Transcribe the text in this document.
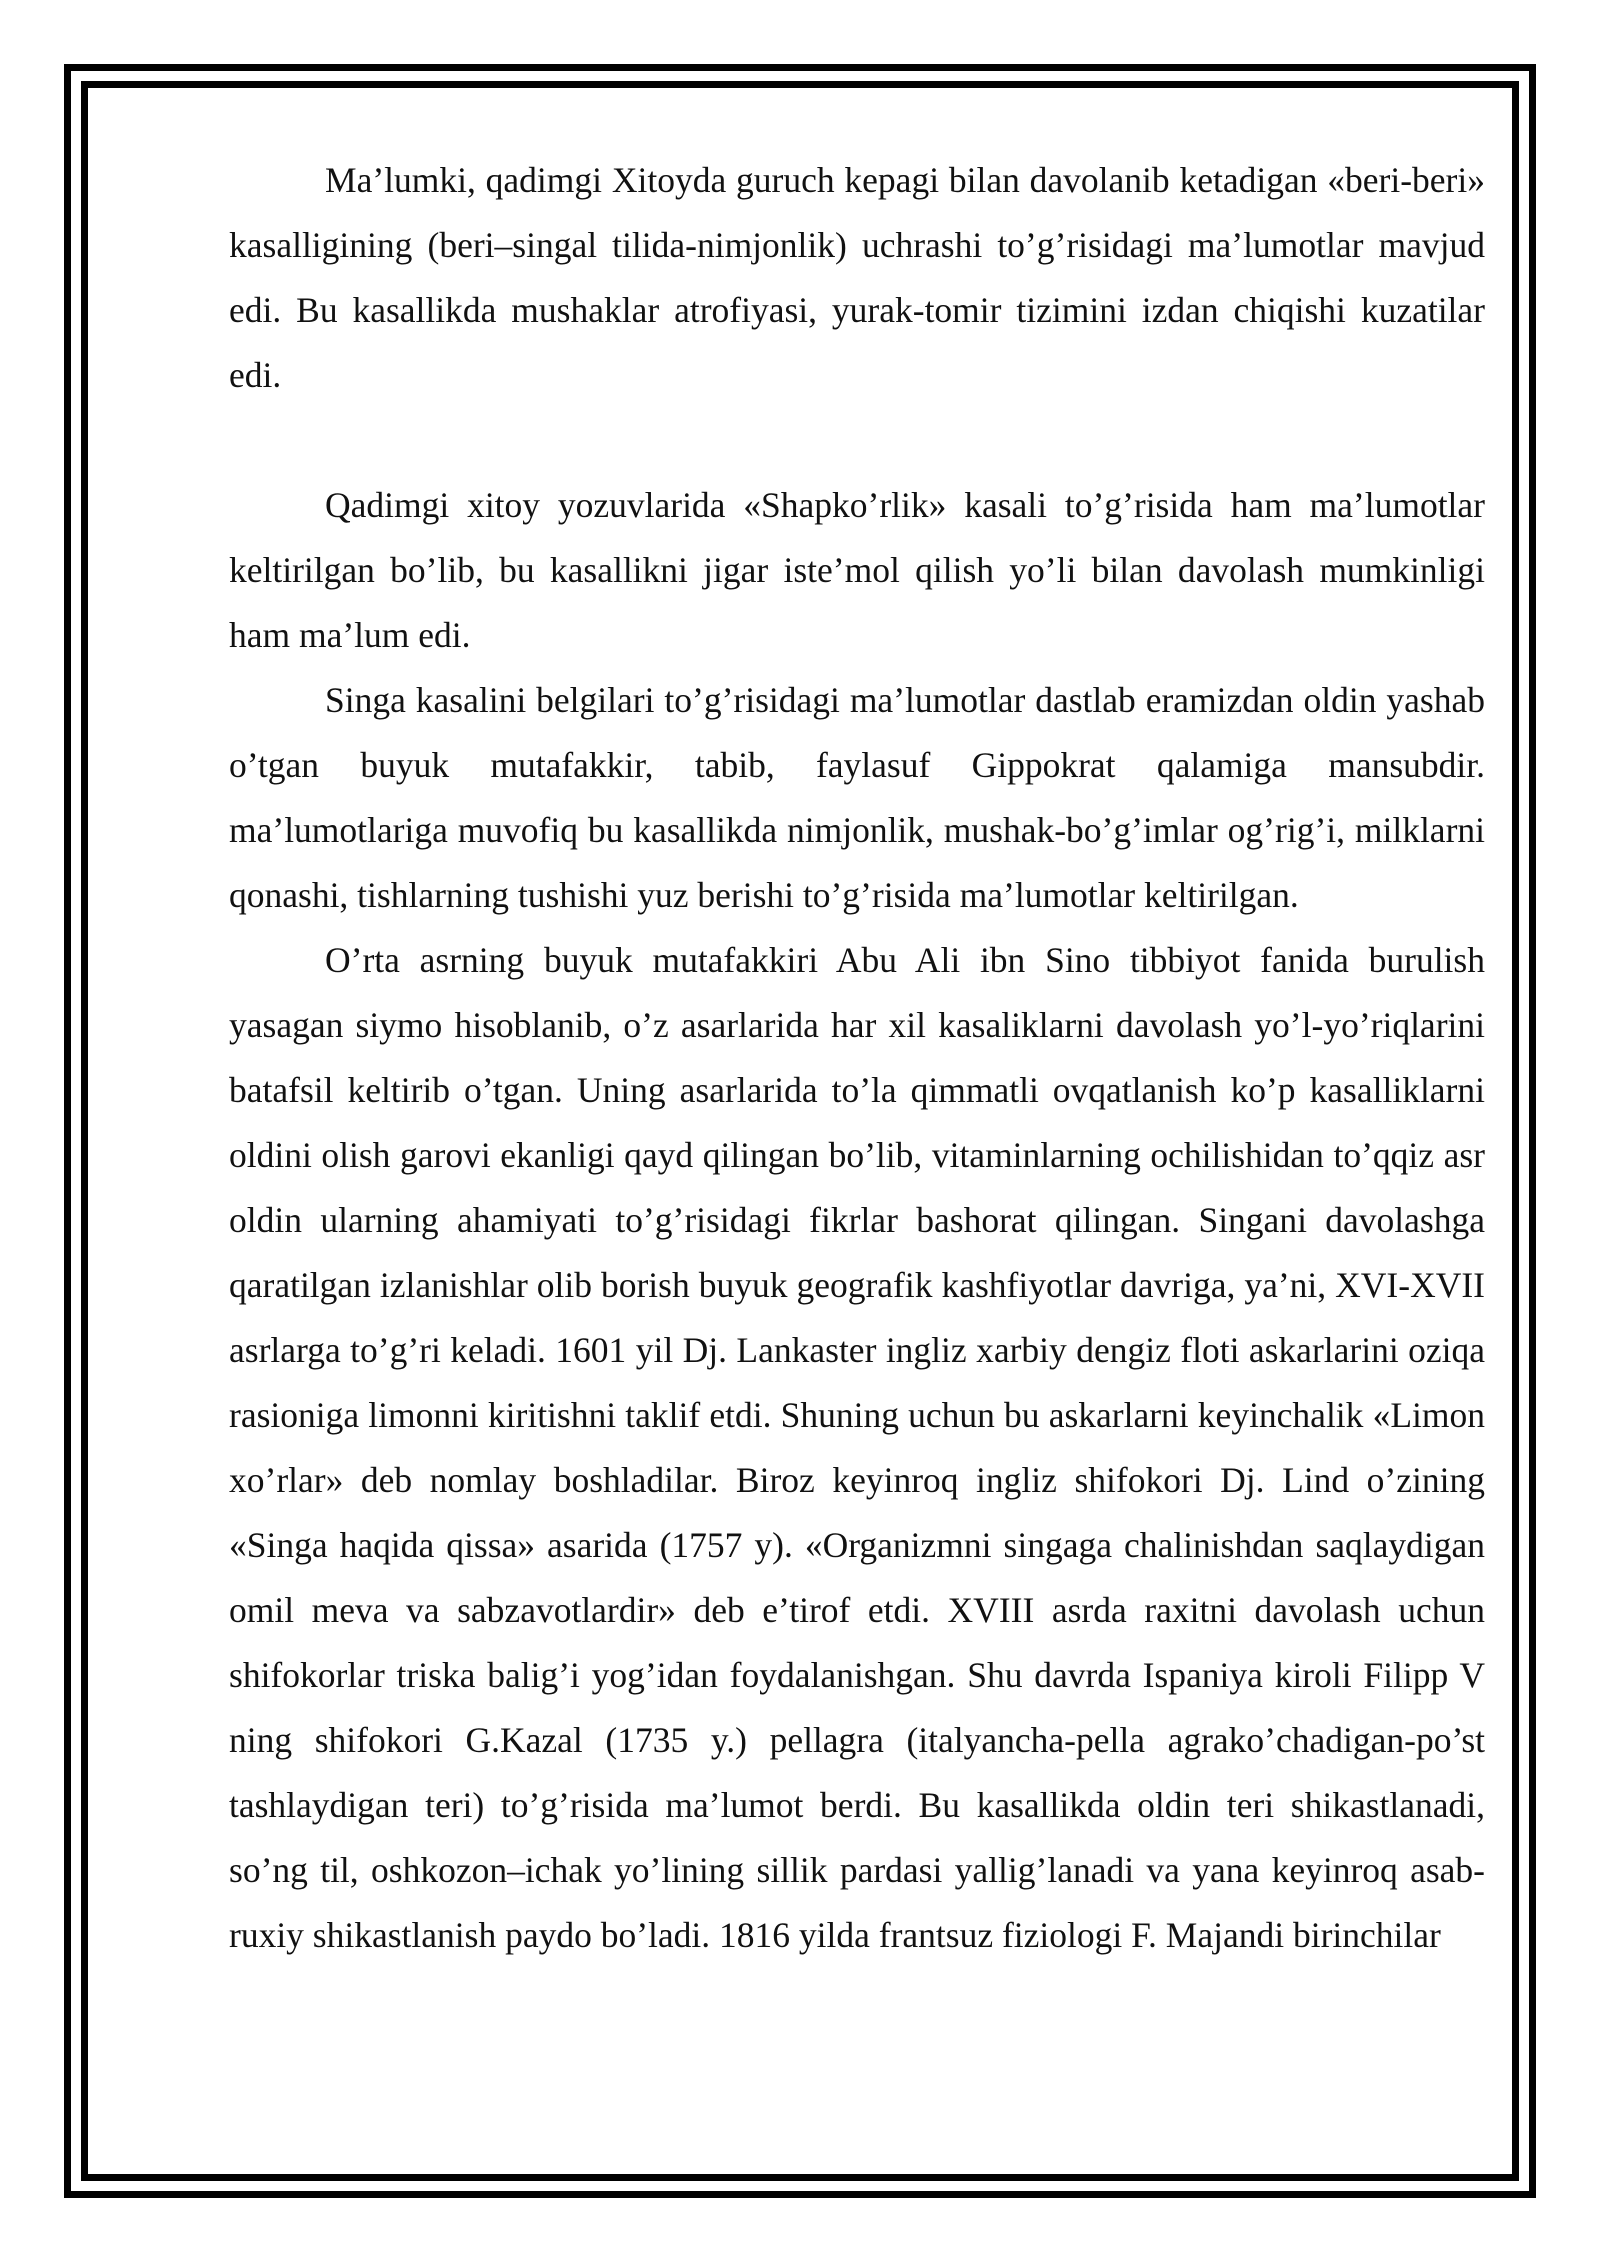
Ma’lumki, qadimgi Xitoyda guruch kepagi bilan davolanib ketadigan «beri-beri» kasalligining (beri–singal tilida-nimjonlik) uchrashi to’g’risidagi ma’lumotlar mavjud edi. Bu kasallikda mushaklar atrofiyasi, yurak-tomir tizimini izdan chiqishi kuzatilar edi.

Qadimgi xitoy yozuvlarida «Shapko’rlik» kasali to’g’risida ham ma’lumotlar keltirilgan bo’lib, bu kasallikni jigar iste’mol qilish yo’li bilan davolash mumkinligi ham ma’lum edi.

Singa kasalini belgilari to’g’risidagi ma’lumotlar dastlab eramizdan oldin yashab o’tgan buyuk mutafakkir, tabib, faylasuf Gippokrat qalamiga mansubdir. ma’lumotlariga muvofiq bu kasallikda nimjonlik, mushak-bo’g’imlar og’rig’i, milklarni qonashi, tishlarning tushishi yuz berishi to’g’risida ma’lumotlar keltirilgan.

O’rta asrning buyuk mutafakkiri Abu Ali ibn Sino tibbiyot fanida burulish yasagan siymo hisoblanib, o’z asarlarida har xil kasaliklarni davolash yo’l-yo’riqlarini batafsil keltirib o’tgan. Uning asarlarida to’la qimmatli ovqatlanish ko’p kasalliklarni oldini olish garovi ekanligi qayd qilingan bo’lib, vitaminlarning ochilishidan to’qqiz asr oldin ularning ahamiyati to’g’risidagi fikrlar bashorat qilingan. Singani davolashga qaratilgan izlanishlar olib borish buyuk geografik kashfiyotlar davriga, ya’ni, XVI-XVII asrlarga to’g’ri keladi. 1601 yil Dj. Lankaster ingliz xarbiy dengiz floti askarlarini oziqa rasioniga limonni kiritishni taklif etdi. Shuning uchun bu askarlarni keyinchalik «Limon xo’rlar» deb nomlay boshladilar. Biroz keyinroq ingliz shifokori Dj. Lind o’zining «Singa haqida qissa» asarida (1757 y). «Organizmni singaga chalinishdan saqlaydigan omil meva va sabzavotlardir» deb e’tirof etdi. XVIII asrda raxitni davolash uchun shifokorlar triska balig’i yog’idan foydalanishgan. Shu davrda Ispaniya kiroli Filipp V ning shifokori G.Kazal (1735 y.) pellagra (italyancha-pella agrako’chadigan-po’st tashlaydigan teri) to’g’risida ma’lumot berdi. Bu kasallikda oldin teri shikastlanadi, so’ng til, oshkozon–ichak yo’lining sillik pardasi yallig’lanadi va yana keyinroq asab-ruxiy shikastlanish paydo bo’ladi. 1816 yilda frantsuz fiziologi F. Majandi birinchilar
